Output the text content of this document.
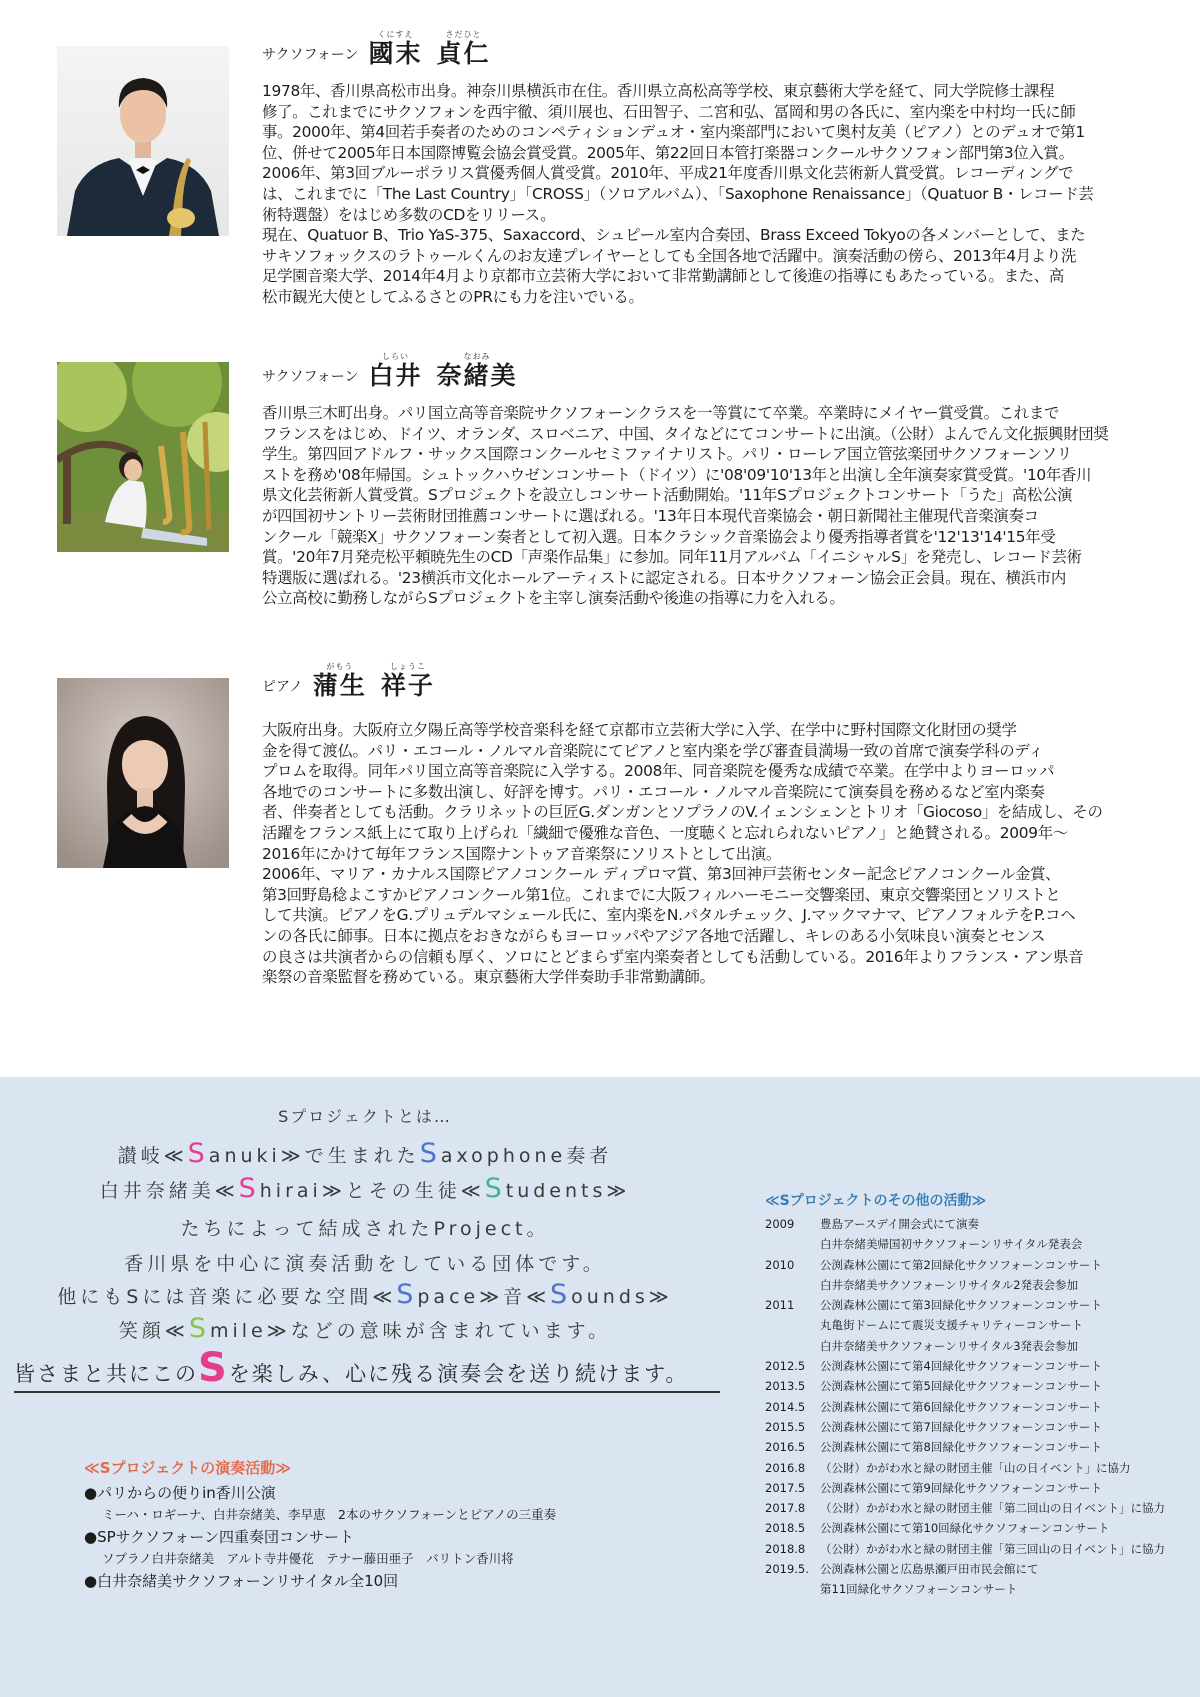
サクソフォーン
くにすえ
國末
さだひと
貞仁

1978年、香川県高松市出身。神奈川県横浜市在住。香川県立高松高等学校、東京藝術大学を経て、同大学院修士課程
修了。これまでにサクソフォンを西宇徹、須川展也、石田智子、二宮和弘、冨岡和男の各氏に、室内楽を中村均一氏に師
事。2000年、第4回若手奏者のためのコンペティションデュオ・室内楽部門において奥村友美（ピアノ）とのデュオで第1
位、併せて2005年日本国際博覧会協会賞受賞。2005年、第22回日本管打楽器コンクールサクソフォン部門第3位入賞。
2006年、第3回ブルーポラリス賞優秀個人賞受賞。2010年、平成21年度香川県文化芸術新人賞受賞。レコーディングで
は、これまでに「The Last Country」「CROSS」（ソロアルバム）、「Saxophone Renaissance」（Quatuor B・レコード芸
術特選盤）をはじめ多数のCDをリリース。
現在、Quatuor B、Trio YaS-375、Saxaccord、シュピール室内合奏団、Brass Exceed Tokyoの各メンバーとして、また
サキソフォックスのラトゥールくんのお友達プレイヤーとしても全国各地で活躍中。演奏活動の傍ら、2013年4月より洗
足学園音楽大学、2014年4月より京都市立芸術大学において非常勤講師として後進の指導にもあたっている。また、高
松市観光大使としてふるさとのPRにも力を注いでいる。

サクソフォーン
しらい
白井
なおみ
奈緒美

香川県三木町出身。パリ国立高等音楽院サクソフォーンクラスを一等賞にて卒業。卒業時にメイヤー賞受賞。これまで
フランスをはじめ、ドイツ、オランダ、スロベニア、中国、タイなどにてコンサートに出演。（公財）よんでん文化振興財団奨
学生。第四回アドルフ・サックス国際コンクールセミファイナリスト。パリ・ローレア国立管弦楽団サクソフォーンソリ
ストを務め'08年帰国。シュトックハウゼンコンサート（ドイツ）に'08'09'10'13年と出演し全年演奏家賞受賞。'10年香川
県文化芸術新人賞受賞。Sプロジェクトを設立しコンサート活動開始。'11年Sプロジェクトコンサート「うた」高松公演
が四国初サントリー芸術財団推薦コンサートに選ばれる。'13年日本現代音楽協会・朝日新聞社主催現代音楽演奏コ
ンクール「競楽X」サクソフォーン奏者として初入選。日本クラシック音楽協会より優秀指導者賞を'12'13'14'15年受
賞。'20年7月発売松平頼暁先生のCD「声楽作品集」に参加。同年11月アルバム「イニシャルS」を発売し、レコード芸術
特選版に選ばれる。'23横浜市文化ホールアーティストに認定される。日本サクソフォーン協会正会員。現在、横浜市内
公立高校に勤務しながらSプロジェクトを主宰し演奏活動や後進の指導に力を入れる。

ピアノ
がもう
蒲生
しょうこ
祥子

大阪府出身。大阪府立夕陽丘高等学校音楽科を経て京都市立芸術大学に入学、在学中に野村国際文化財団の奨学
金を得て渡仏。パリ・エコール・ノルマル音楽院にてピアノと室内楽を学び審査員満場一致の首席で演奏学科のディ
プロムを取得。同年パリ国立高等音楽院に入学する。2008年、同音楽院を優秀な成績で卒業。在学中よりヨーロッパ
各地でのコンサートに多数出演し、好評を博す。パリ・エコール・ノルマル音楽院にて演奏員を務めるなど室内楽奏
者、伴奏者としても活動。クラリネットの巨匠G.ダンガンとソプラノのV.イェンシェンとトリオ「Giocoso」を結成し、その
活躍をフランス紙上にて取り上げられ「繊細で優雅な音色、一度聴くと忘れられないピアノ」と絶賛される。2009年～
2016年にかけて毎年フランス国際ナントゥア音楽祭にソリストとして出演。
2006年、マリア・カナルス国際ピアノコンクール ディプロマ賞、第3回神戸芸術センター記念ピアノコンクール金賞、
第3回野島稔よこすかピアノコンクール第1位。これまでに大阪フィルハーモニー交響楽団、東京交響楽団とソリストと
して共演。ピアノをG.プリュデルマシェール氏に、室内楽をN.パタルチェック、J.マックマナマ、ピアノフォルテをP.コヘ
ンの各氏に師事。日本に拠点をおきながらもヨーロッパやアジア各地で活躍し、キレのある小気味良い演奏とセンス
の良さは共演者からの信頼も厚く、ソロにとどまらず室内楽奏者としても活動している。2016年よりフランス・アン県音
楽祭の音楽監督を務めている。東京藝術大学伴奏助手非常勤講師。

Sプロジェクトとは…
讃岐≪Sanuki≫で生まれたSaxophone奏者
白井奈緒美≪Shirai≫とその生徒≪Students≫
たちによって結成されたProject。
香川県を中心に演奏活動をしている団体です。
他にもSには音楽に必要な空間≪Space≫音≪Sounds≫
笑顔≪Smile≫などの意味が含まれています。
皆さまと共にこのSを楽しみ、心に残る演奏会を送り続けます。
≪Sプロジェクトの演奏活動≫
●パリからの便りin香川公演
ミーハ・ロギーナ、白井奈緒美、李早恵　2本のサクソフォーンとピアノの三重奏
●SPサクソフォーン四重奏団コンサート
ソプラノ白井奈緒美　アルト寺井優花　テナー藤田亜子　バリトン香川将
●白井奈緒美サクソフォーンリサイタル全10回
≪Sプロジェクトのその他の活動≫
2009	豊島アースデイ開会式にて演奏
白井奈緒美帰国初サクソフォーンリサイタル発表会
2010	公渕森林公園にて第2回緑化サクソフォーンコンサート
白井奈緒美サクソフォーンリサイタル2発表会参加
2011	公渕森林公園にて第3回緑化サクソフォーンコンサート
丸亀街ドームにて震災支援チャリティーコンサート
白井奈緒美サクソフォーンリサイタル3発表会参加
2012.5	公渕森林公園にて第4回緑化サクソフォーンコンサート
2013.5	公渕森林公園にて第5回緑化サクソフォーンコンサート
2014.5	公渕森林公園にて第6回緑化サクソフォーンコンサート
2015.5	公渕森林公園にて第7回緑化サクソフォーンコンサート
2016.5	公渕森林公園にて第8回緑化サクソフォーンコンサート
2016.8	（公財）かがわ水と緑の財団主催「山の日イベント」に協力
2017.5	公渕森林公園にて第9回緑化サクソフォーンコンサート
2017.8	（公財）かがわ水と緑の財団主催「第二回山の日イベント」に協力
2018.5	公渕森林公園にて第10回緑化サクソフォーンコンサート
2018.8	（公財）かがわ水と緑の財団主催「第三回山の日イベント」に協力
2019.5. 公渕森林公園と広島県瀬戸田市民会館にて
第11回緑化サクソフォーンコンサート
